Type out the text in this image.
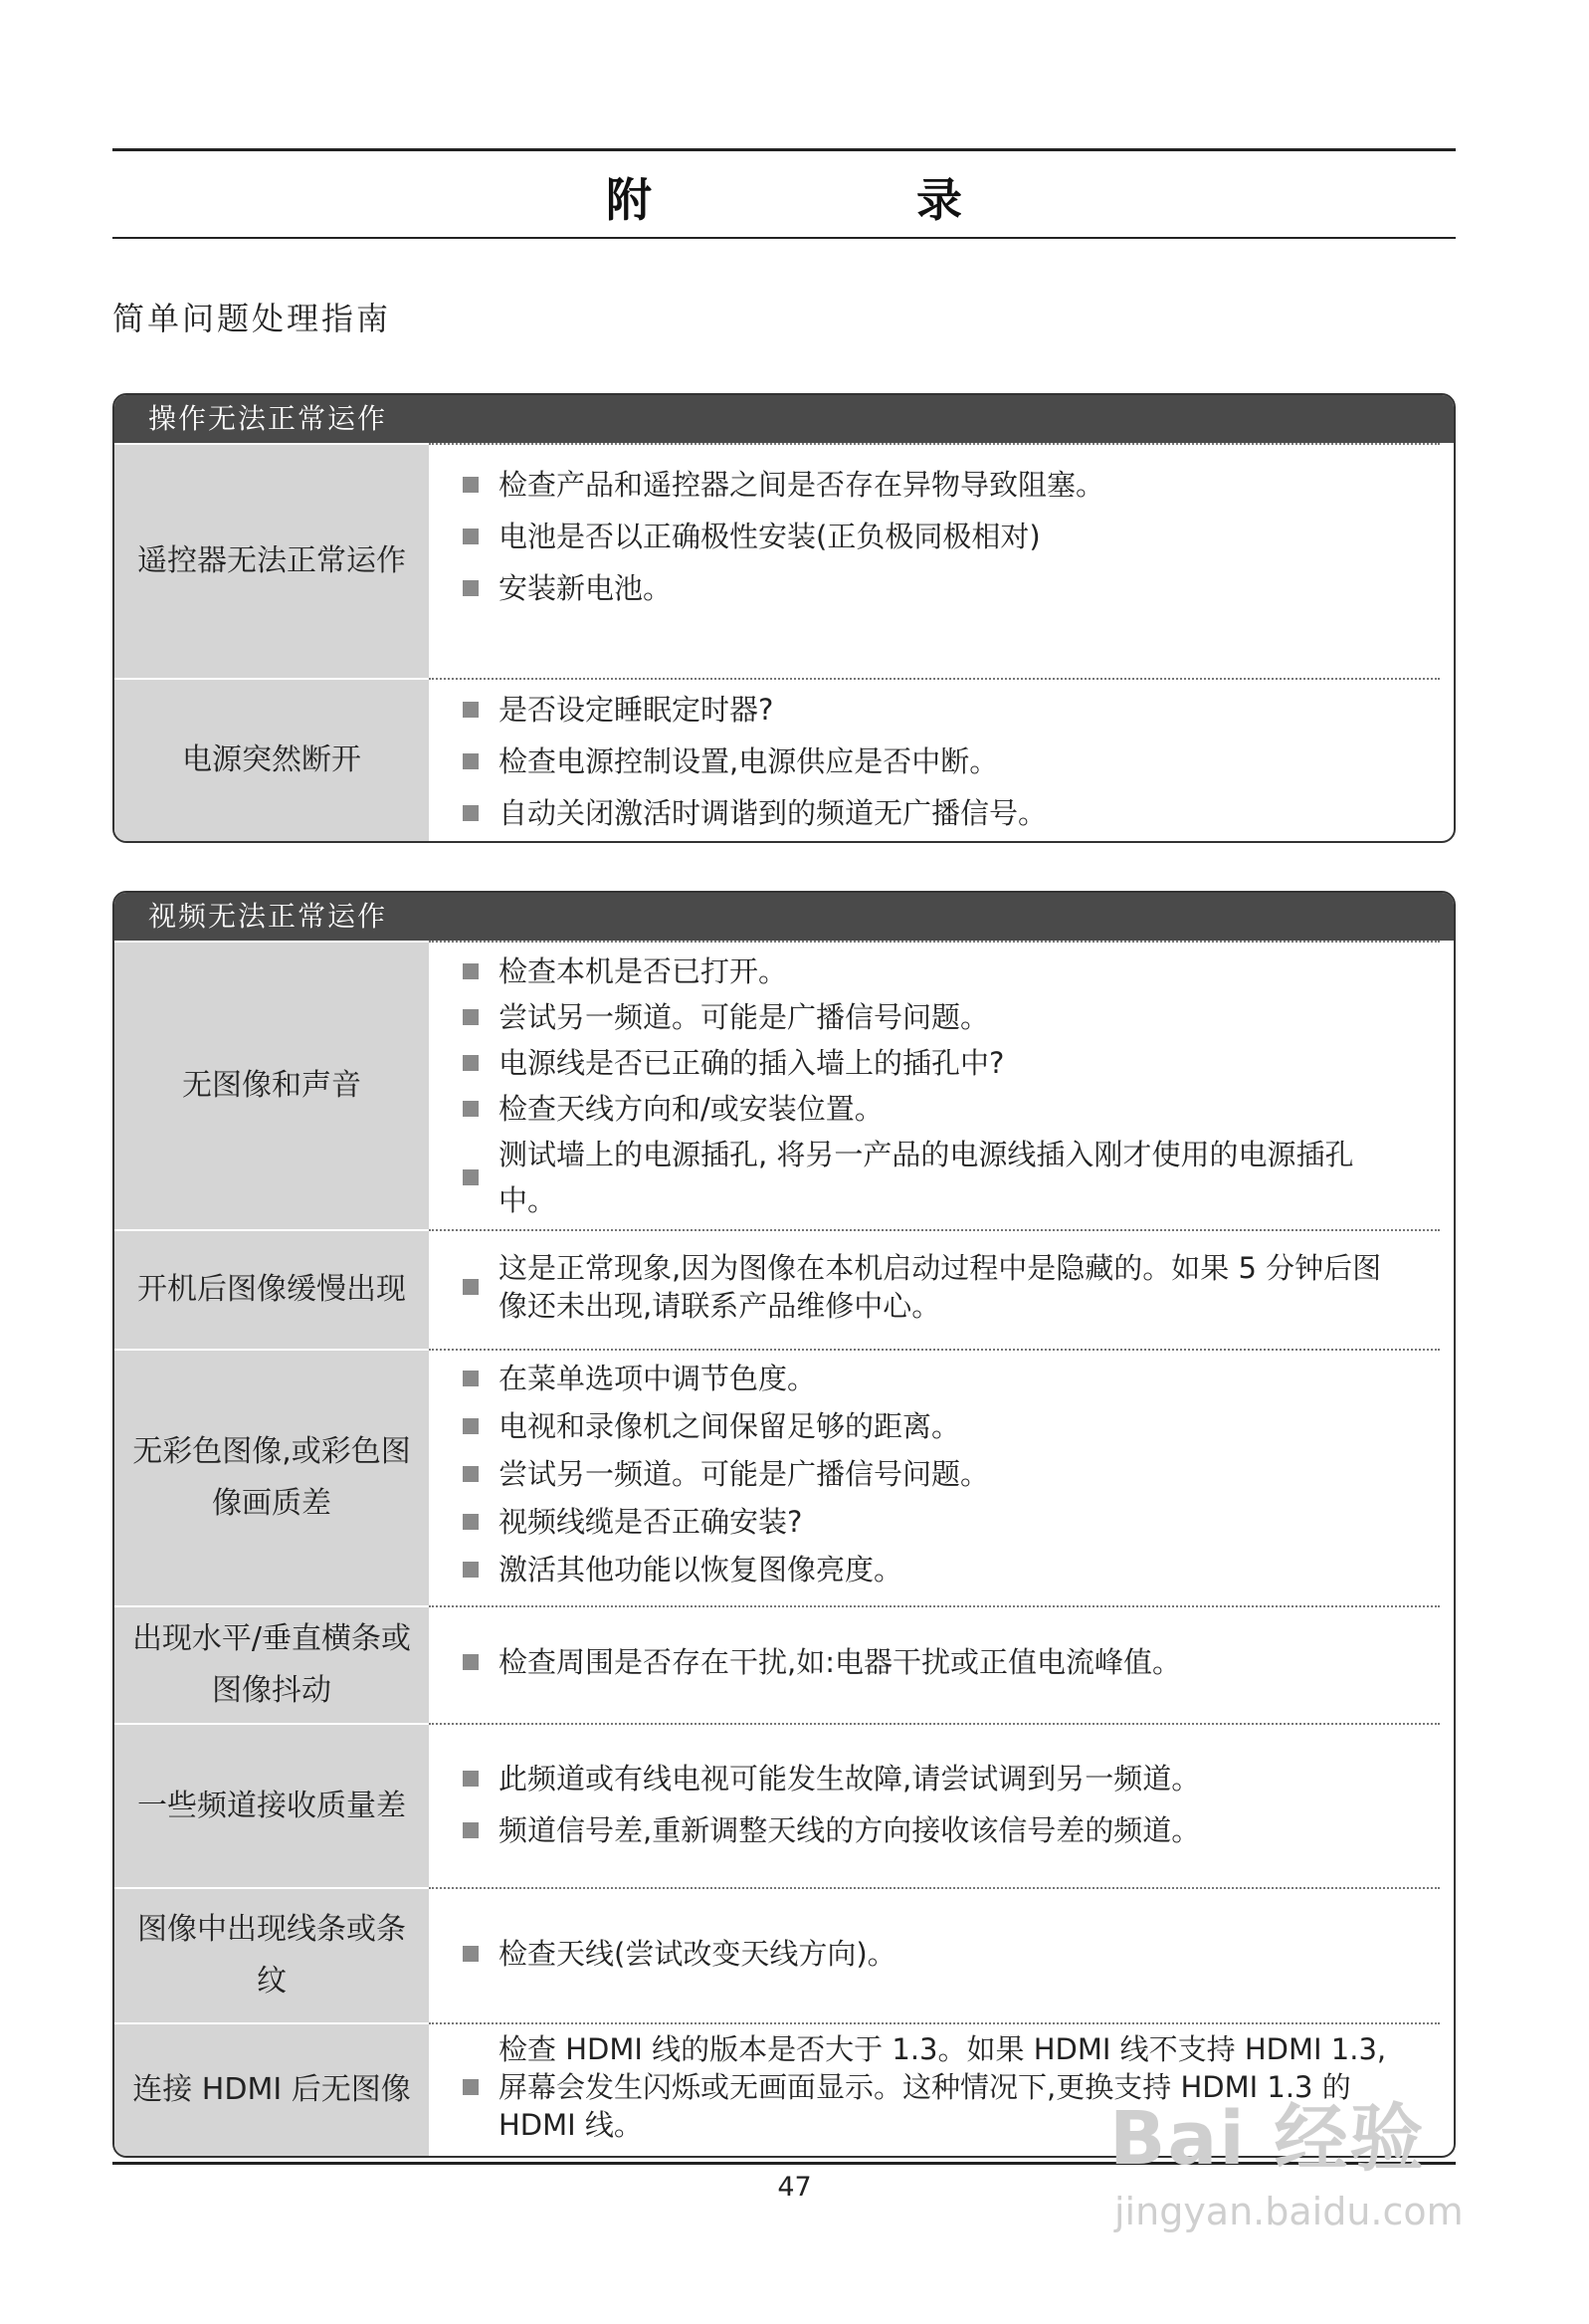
附　录
简单问题处理指南
操作无法正常运作
遥控器无法正常运作
检查产品和遥控器之间是否存在异物导致阻塞。
电池是否以正确极性安装(正负极同极相对)
安装新电池。
电源突然断开
是否设定睡眠定时器?
检查电源控制设置,电源供应是否中断。
自动关闭激活时调谐到的频道无广播信号。
视频无法正常运作
无图像和声音
检查本机是否已打开。
尝试另一频道。可能是广播信号问题。
电源线是否已正确的插入墙上的插孔中?
检查天线方向和/或安装位置。
测试墙上的电源插孔, 将另一产品的电源线插入刚才使用的电源插孔中。
开机后图像缓慢出现
这是正常现象,因为图像在本机启动过程中是隐藏的。如果 5 分钟后图像还未出现,请联系产品维修中心。
无彩色图像,或彩色图像画质差
在菜单选项中调节色度。
电视和录像机之间保留足够的距离。
尝试另一频道。可能是广播信号问题。
视频线缆是否正确安装?
激活其他功能以恢复图像亮度。
出现水平/垂直横条或图像抖动
检查周围是否存在干扰,如:电器干扰或正值电流峰值。
一些频道接收质量差
此频道或有线电视可能发生故障,请尝试调到另一频道。
频道信号差,重新调整天线的方向接收该信号差的频道。
图像中出现线条或条纹
检查天线(尝试改变天线方向)。
连接 HDMI 后无图像
检查 HDMI 线的版本是否大于 1.3。如果 HDMI 线不支持 HDMI 1.3,屏幕会发生闪烁或无画面显示。这种情况下,更换支持 HDMI 1.3 的 HDMI 线。
47
Bai 经验
jingyan.baidu.com
